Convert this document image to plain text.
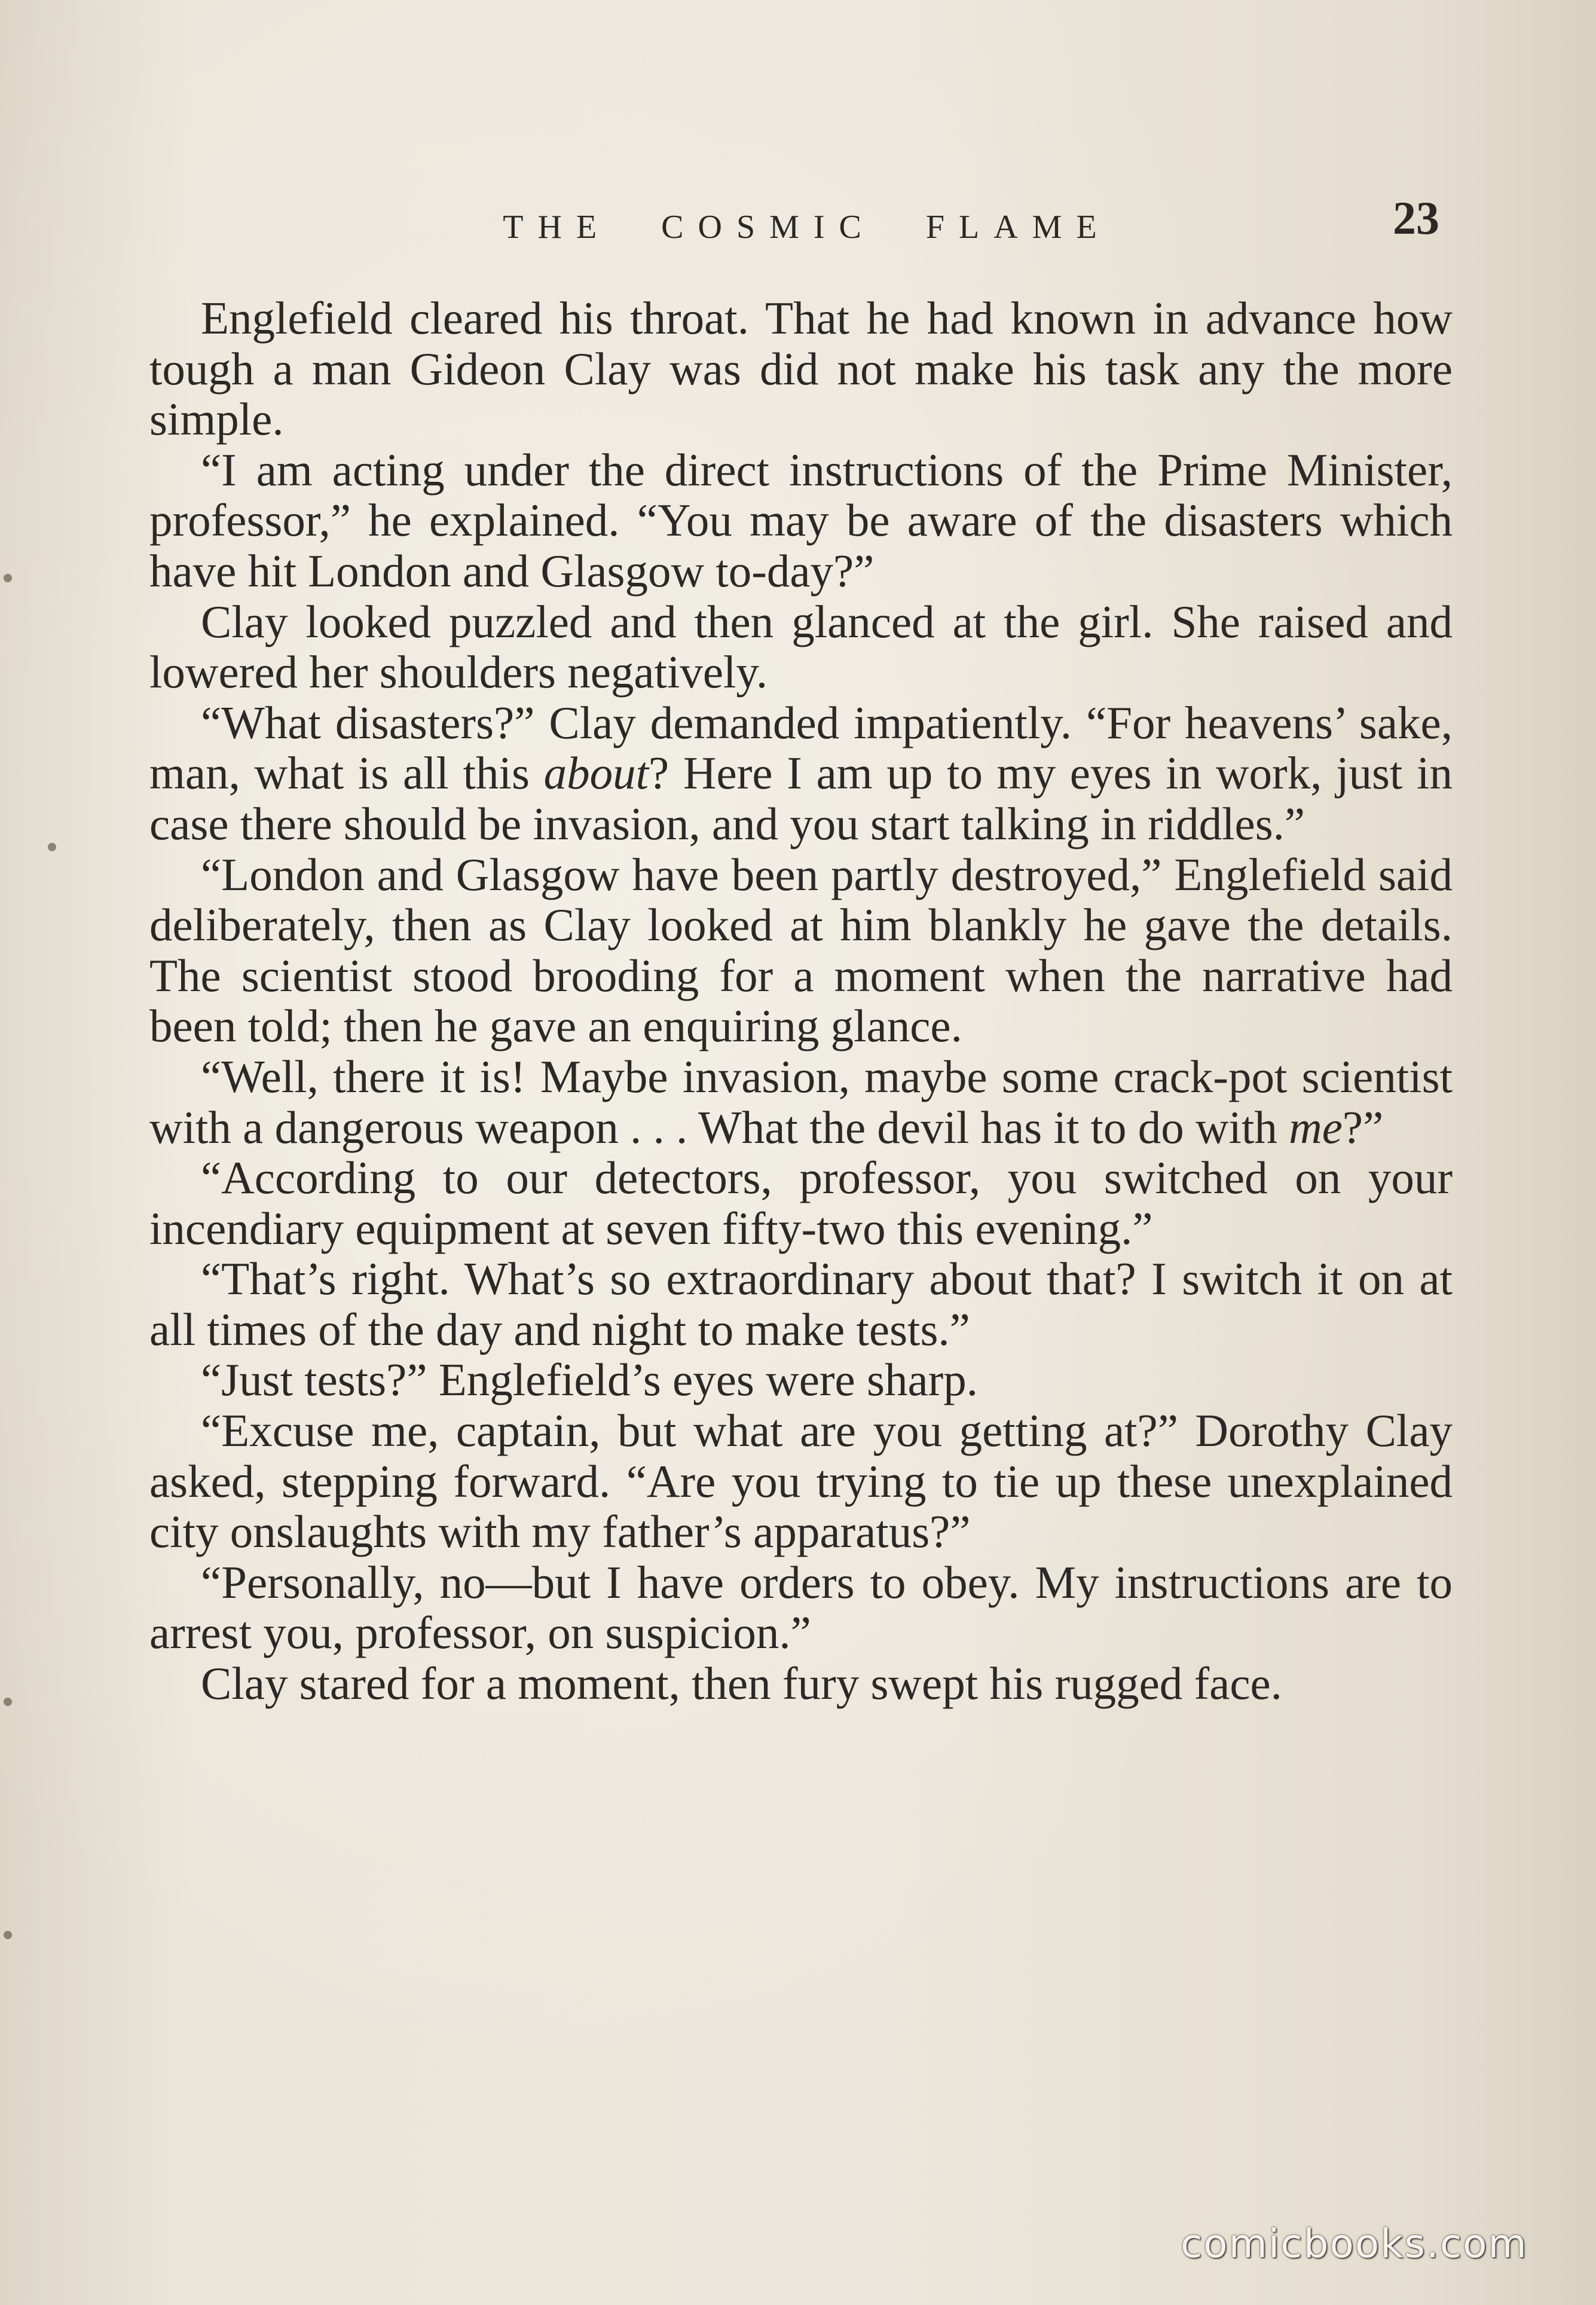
THE COSMIC FLAME	23

Englefield cleared his throat. That he had known in advance how tough a man Gideon Clay was did not make his task any the more simple.

“I am acting under the direct instructions of the Prime Minister, professor,” he explained. “You may be aware of the disasters which have hit London and Glasgow to-day?”

Clay looked puzzled and then glanced at the girl. She raised and lowered her shoulders negatively.

“What disasters?” Clay demanded impatiently. “For heavens’ sake, man, what is all this about? Here I am up to my eyes in work, just in case there should be invasion, and you start talking in riddles.”

“London and Glasgow have been partly destroyed,” Englefield said deliberately, then as Clay looked at him blankly he gave the details. The scientist stood brooding for a moment when the narrative had been told; then he gave an enquiring glance.

“Well, there it is! Maybe invasion, maybe some crack-pot scientist with a dangerous weapon . . . What the devil has it to do with me?”

“According to our detectors, professor, you switched on your incendiary equipment at seven fifty-two this evening.”

“That’s right. What’s so extraordinary about that? I switch it on at all times of the day and night to make tests.”

“Just tests?” Englefield’s eyes were sharp.

“Excuse me, captain, but what are you getting at?” Dorothy Clay asked, stepping forward. “Are you trying to tie up these unexplained city onslaughts with my father’s apparatus?”

“Personally, no—but I have orders to obey. My instructions are to arrest you, professor, on suspicion.”

Clay stared for a moment, then fury swept his rugged face.

comicbooks.com
